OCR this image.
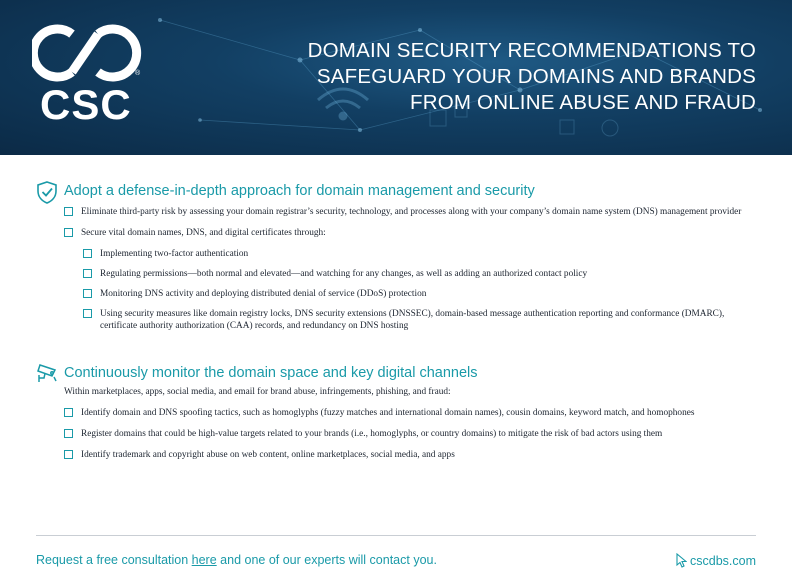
®
CSC
DOMAIN SECURITY RECOMMENDATIONS TO
SAFEGUARD YOUR DOMAINS AND BRANDS
FROM ONLINE ABUSE AND FRAUD
Adopt a defense-in-depth approach for domain management and security
Eliminate third-party risk by assessing your domain registrar’s security, technology, and processes along with your company’s domain name system (DNS) management provider
Secure vital domain names, DNS, and digital certificates through:
Implementing two-factor authentication
Regulating permissions—both normal and elevated—and watching for any changes, as well as adding an authorized contact policy
Monitoring DNS activity and deploying distributed denial of service (DDoS) protection
Using security measures like domain registry locks, DNS security extensions (DNSSEC), domain-based message authentication reporting and conformance (DMARC), certificate authority authorization (CAA) records, and redundancy on DNS hosting
Continuously monitor the domain space and key digital channels
Within marketplaces, apps, social media, and email for brand abuse, infringements, phishing, and fraud:
Identify domain and DNS spoofing tactics, such as homoglyphs (fuzzy matches and international domain names), cousin domains, keyword match, and homophones
Register domains that could be high-value targets related to your brands (i.e., homoglyphs, or country domains) to mitigate the risk of bad actors using them
Identify trademark and copyright abuse on web content, online marketplaces, social media, and apps
Request a free consultation here and one of our experts will contact you.	cscdbs.com
